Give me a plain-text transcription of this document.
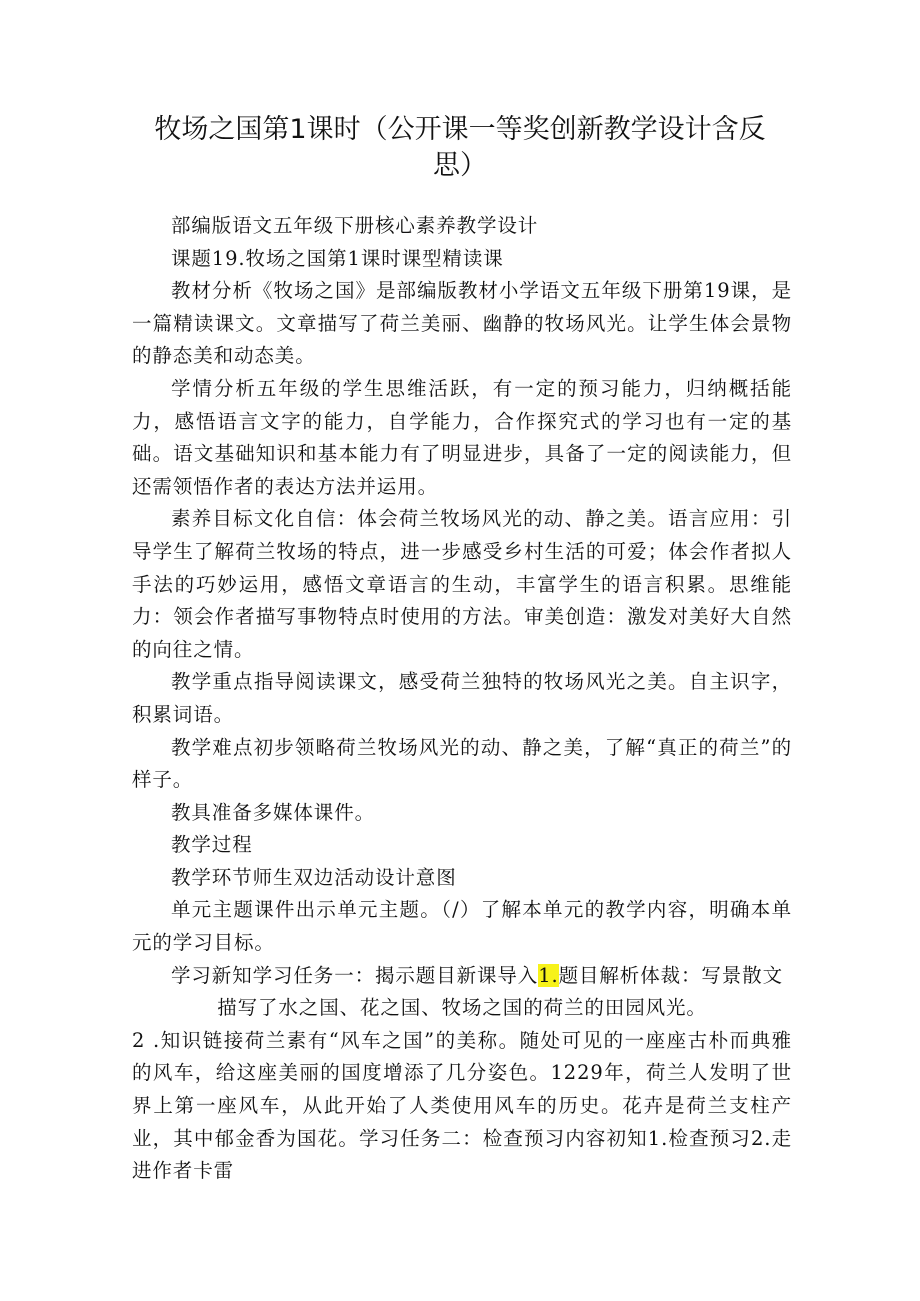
牧场之国第1课时（公开课一等奖创新教学设计含反思）

部编版语文五年级下册核心素养教学设计

课题19.牧场之国第1课时课型精读课

教材分析《牧场之国》是部编版教材小学语文五年级下册第19课，是一篇精读课文。文章描写了荷兰美丽、幽静的牧场风光。让学生体会景物的静态美和动态美。

学情分析五年级的学生思维活跃，有一定的预习能力，归纳概括能力，感悟语言文字的能力，自学能力，合作探究式的学习也有一定的基础。语文基础知识和基本能力有了明显进步，具备了一定的阅读能力，但还需领悟作者的表达方法并运用。

素养目标文化自信：体会荷兰牧场风光的动、静之美。语言应用：引导学生了解荷兰牧场的特点，进一步感受乡村生活的可爱；体会作者拟人手法的巧妙运用，感悟文章语言的生动，丰富学生的语言积累。思维能力：领会作者描写事物特点时使用的方法。审美创造：激发对美好大自然的向往之情。

教学重点指导阅读课文，感受荷兰独特的牧场风光之美。自主识字，积累词语。

教学难点初步领略荷兰牧场风光的动、静之美，了解“真正的荷兰”的样子。

教具准备多媒体课件。

教学过程

教学环节师生双边活动设计意图

单元主题课件出示单元主题。（/）了解本单元的教学内容，明确本单元的学习目标。

学习新知学习任务一：揭示题目新课导入1.题目解析体裁：写景散文

描写了水之国、花之国、牧场之国的荷兰的田园风光。

2 .知识链接荷兰素有“风车之国”的美称。随处可见的一座座古朴而典雅的风车，给这座美丽的国度增添了几分姿色。1229年，荷兰人发明了世界上第一座风车，从此开始了人类使用风车的历史。花卉是荷兰支柱产业，其中郁金香为国花。学习任务二：检查预习内容初知1.检查预习2.走进作者卡雷
